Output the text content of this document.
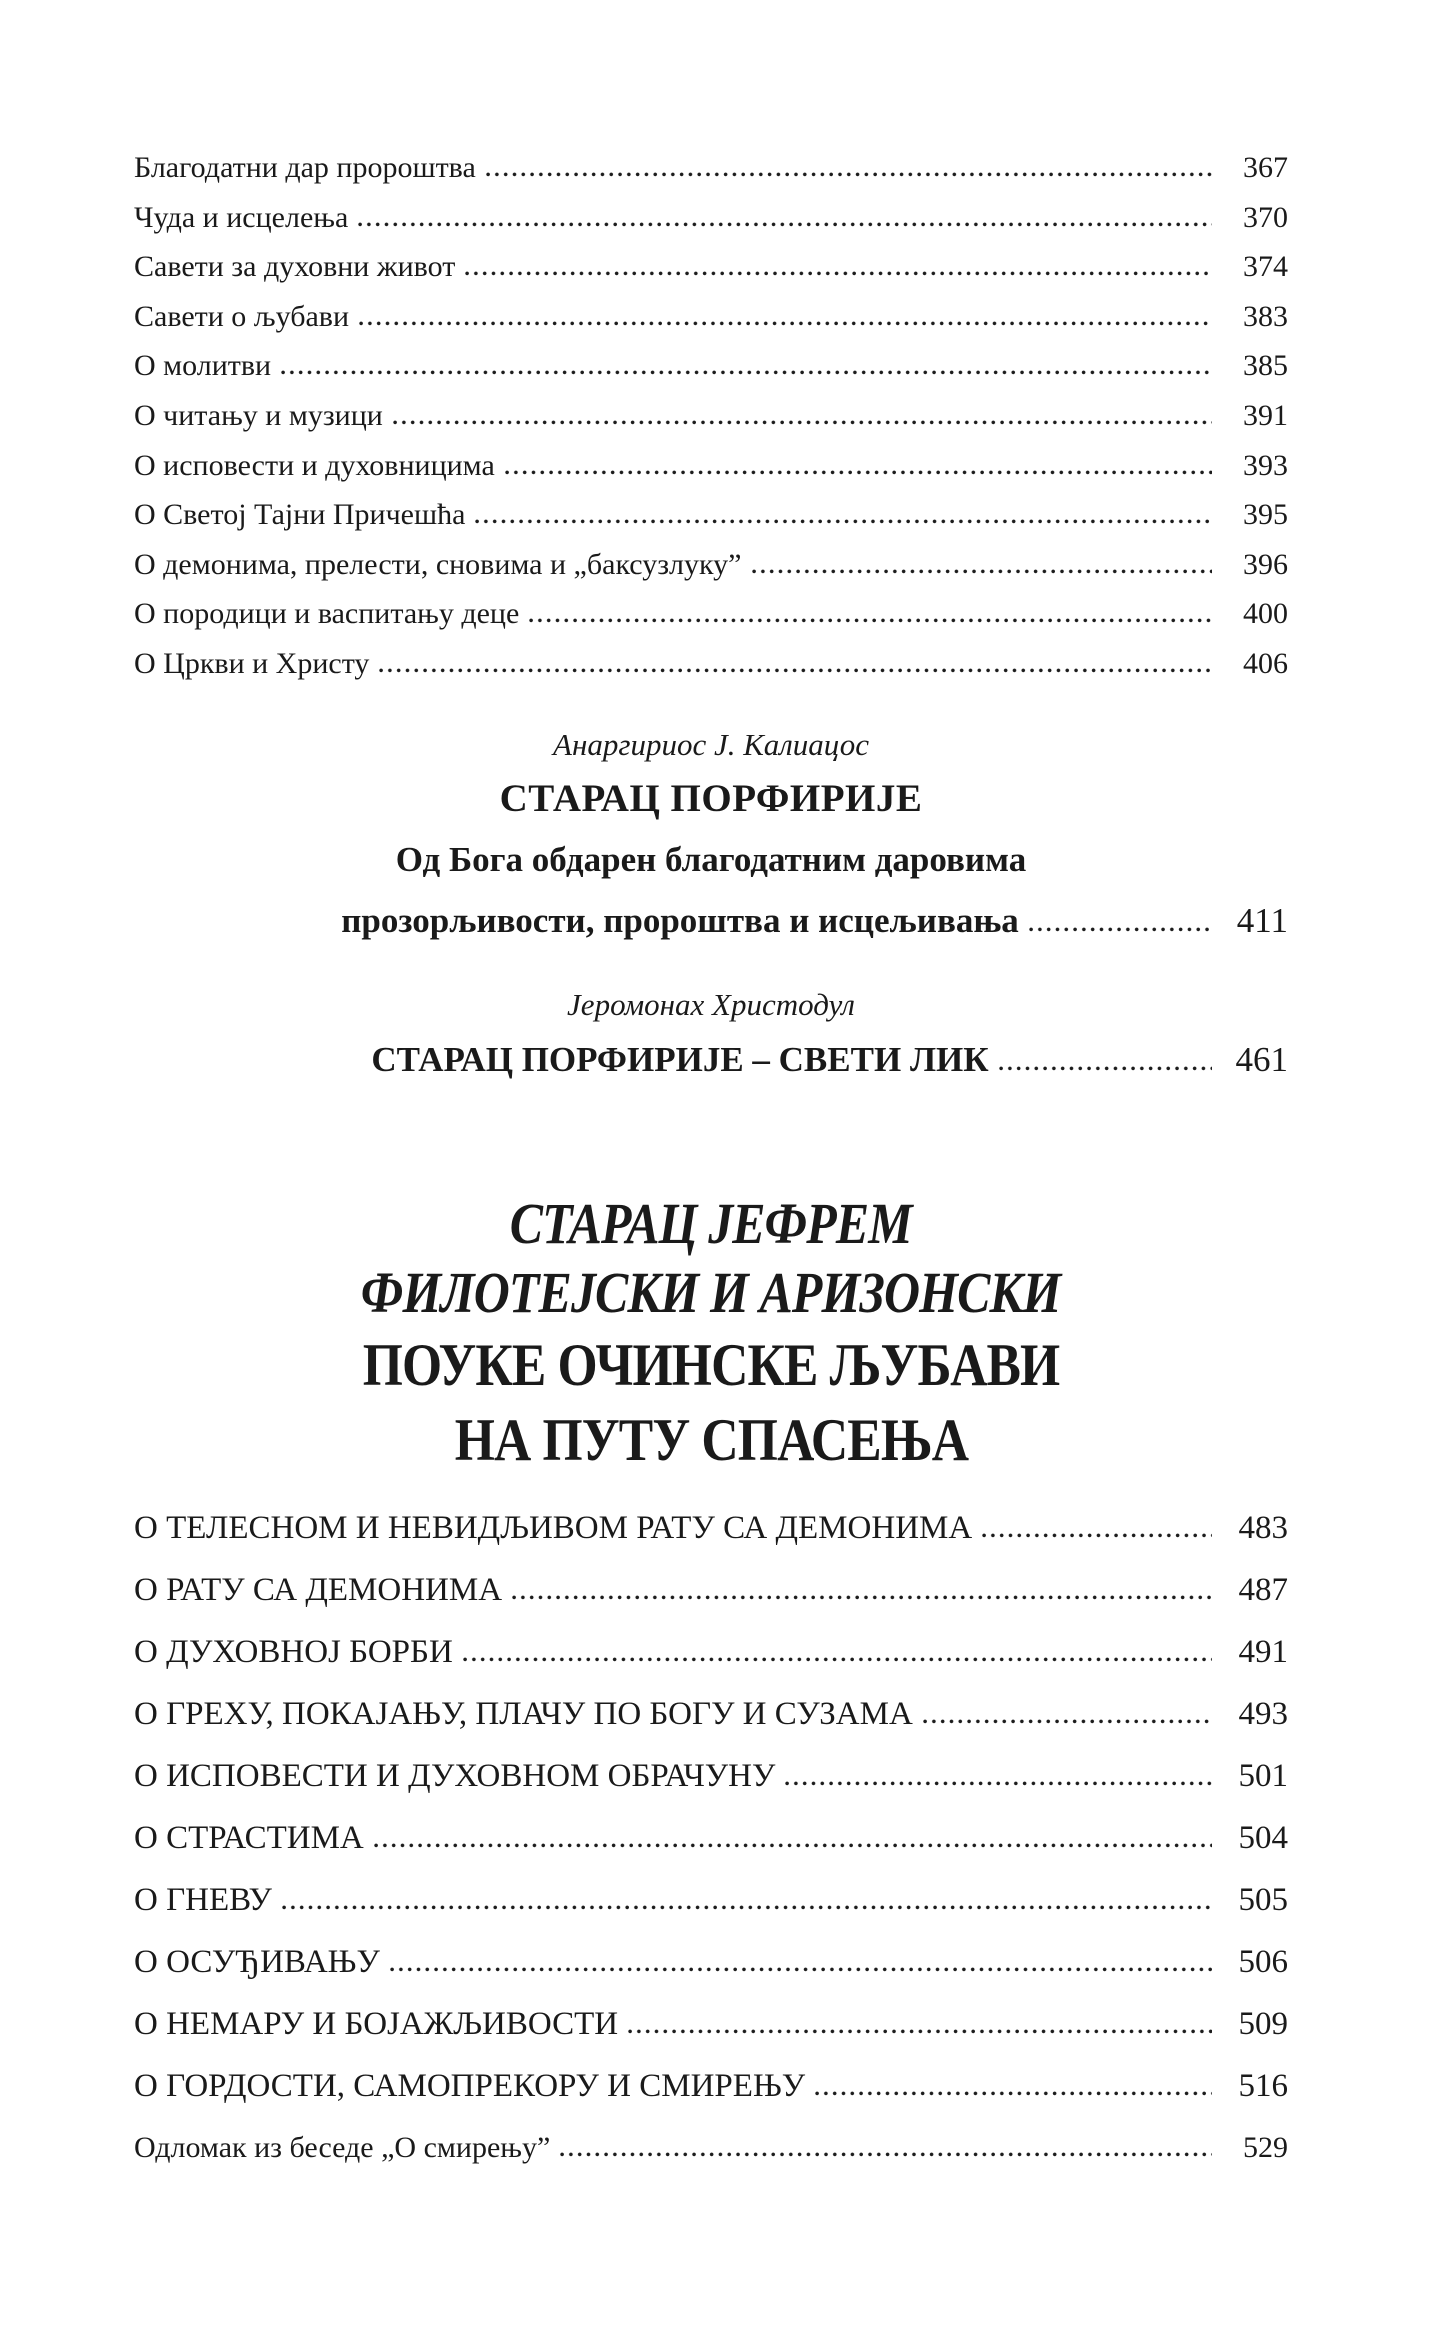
Благодатни дар пророштва	367
Чуда и исцелења	370
Савети за духовни живот	374
Савети о љубави	383
О молитви	385
О читању и музици	391
О исповести и духовницима	393
О Светој Тајни Причешћа	395
О демонима, прелести, сновима и „баксузлуку”	396
О породици и васпитању деце	400
О Цркви и Христу	406
Анаргириос Ј. Калиацос
СТАРАЦ ПОРФИРИЈЕ
Од Бога обдарен благодатним даровима
прозорљивости, пророштва и исцељивања	411
Јеромонах Христодул
СТАРАЦ ПОРФИРИЈЕ – СВЕТИ ЛИК	461
СТАРАЦ ЈЕФРЕМ
ФИЛОТЕЈСКИ И АРИЗОНСКИ
ПОУКЕ ОЧИНСКЕ ЉУБАВИ
НА ПУТУ СПАСЕЊА
О ТЕЛЕСНОМ И НЕВИДЉИВОМ РАТУ СА ДЕМОНИМА	483
О РАТУ СА ДЕМОНИМА	487
О ДУХОВНОЈ БОРБИ	491
О ГРЕХУ, ПОКАЈАЊУ, ПЛАЧУ ПО БОГУ И СУЗАМА	493
О ИСПОВЕСТИ И ДУХОВНОМ ОБРАЧУНУ	501
О СТРАСТИМА	504
О ГНЕВУ	505
О ОСУЂИВАЊУ	506
О НЕМАРУ И БОЈАЖЉИВОСТИ	509
О ГОРДОСТИ, САМОПРЕКОРУ И СМИРЕЊУ	516
Одломак из беседе „О смирењу”	529
